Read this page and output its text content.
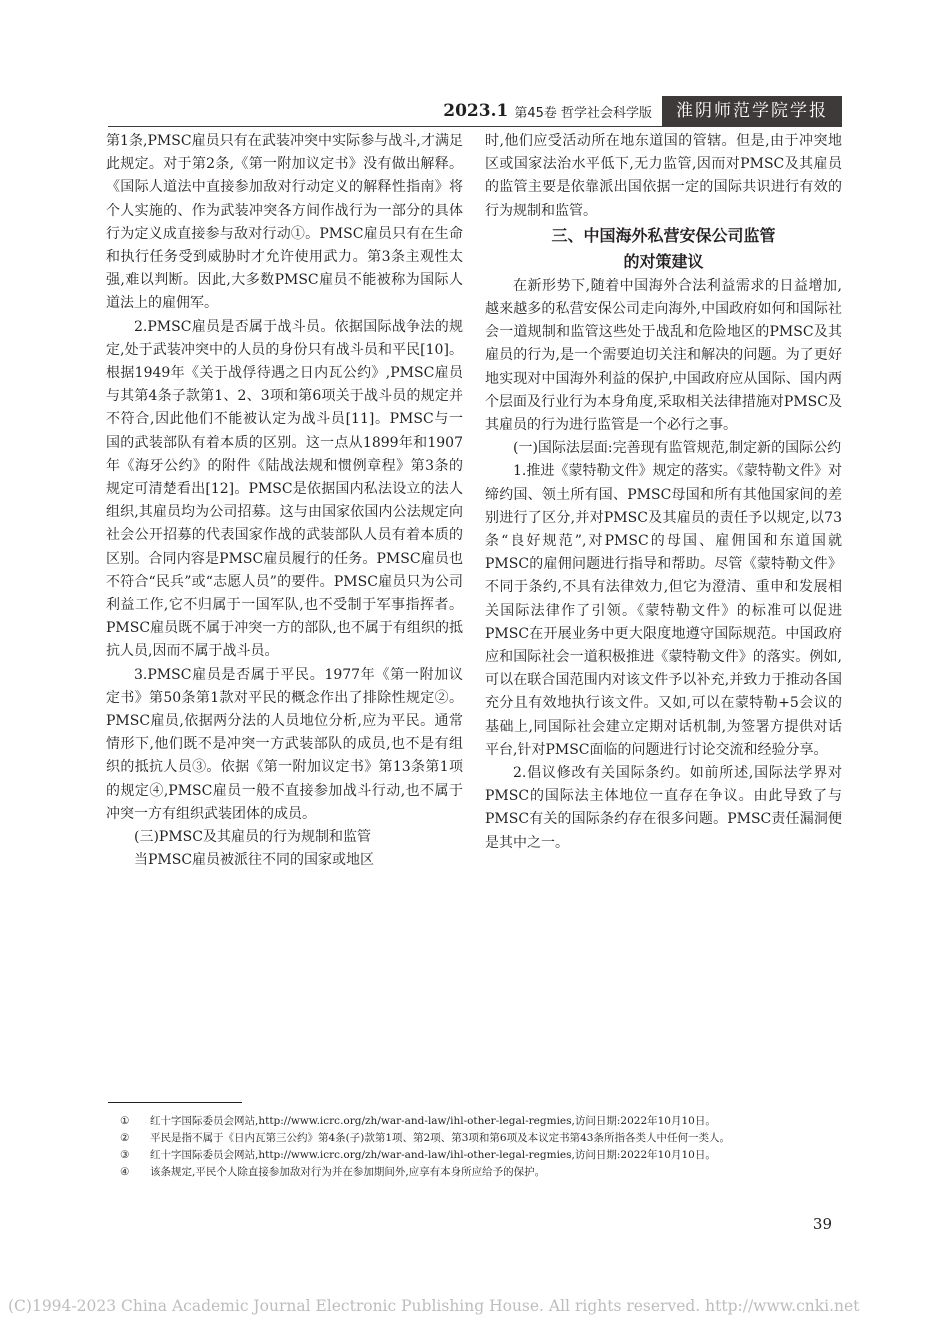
2023.1 第45卷 哲学社会科学版	淮阴师范学院学报

第1条,PMSC雇员只有在武装冲突中实际参与战斗,才满足此规定。对于第2条,《第一附加议定书》没有做出解释。《国际人道法中直接参加敌对行动定义的解释性指南》将个人实施的、作为武装冲突各方间作战行为一部分的具体行为定义成直接参与敌对行动①。PMSC雇员只有在生命和执行任务受到威胁时才允许使用武力。第3条主观性太强,难以判断。因此,大多数PMSC雇员不能被称为国际人道法上的雇佣军。

2.PMSC雇员是否属于战斗员。依据国际战争法的规定,处于武装冲突中的人员的身份只有战斗员和平民[10]。根据1949年《关于战俘待遇之日内瓦公约》,PMSC雇员与其第4条子款第1、2、3项和第6项关于战斗员的规定并不符合,因此他们不能被认定为战斗员[11]。PMSC与一国的武装部队有着本质的区别。这一点从1899年和1907年《海牙公约》的附件《陆战法规和惯例章程》第3条的规定可清楚看出[12]。PMSC是依据国内私法设立的法人组织,其雇员均为公司招募。这与由国家依国内公法规定向社会公开招募的代表国家作战的武装部队人员有着本质的区别。合同内容是PMSC雇员履行的任务。PMSC雇员也不符合“民兵”或“志愿人员”的要件。PMSC雇员只为公司利益工作,它不归属于一国军队,也不受制于军事指挥者。PMSC雇员既不属于冲突一方的部队,也不属于有组织的抵抗人员,因而不属于战斗员。

3.PMSC雇员是否属于平民。1977年《第一附加议定书》第50条第1款对平民的概念作出了排除性规定②。PMSC雇员,依据两分法的人员地位分析,应为平民。通常情形下,他们既不是冲突一方武装部队的成员,也不是有组织的抵抗人员③。依据《第一附加议定书》第13条第1项的规定④,PMSC雇员一般不直接参加战斗行动,也不属于冲突一方有组织武装团体的成员。

(三)PMSC及其雇员的行为规制和监管

当PMSC雇员被派往不同的国家或地区

时,他们应受活动所在地东道国的管辖。但是,由于冲突地区或国家法治水平低下,无力监管,因而对PMSC及其雇员的监管主要是依靠派出国依据一定的国际共识进行有效的行为规制和监管。

三、中国海外私营安保公司监管
的对策建议

在新形势下,随着中国海外合法利益需求的日益增加,越来越多的私营安保公司走向海外,中国政府如何和国际社会一道规制和监管这些处于战乱和危险地区的PMSC及其雇员的行为,是一个需要迫切关注和解决的问题。为了更好地实现对中国海外利益的保护,中国政府应从国际、国内两个层面及行业行为本身角度,采取相关法律措施对PMSC及其雇员的行为进行监管是一个必行之事。

(一)国际法层面:完善现有监管规范,制定新的国际公约

1.推进《蒙特勒文件》规定的落实。《蒙特勒文件》对缔约国、领土所有国、PMSC母国和所有其他国家间的差别进行了区分,并对PMSC及其雇员的责任予以规定,以73条“良好规范”,对PMSC的母国、雇佣国和东道国就PMSC的雇佣问题进行指导和帮助。尽管《蒙特勒文件》不同于条约,不具有法律效力,但它为澄清、重申和发展相关国际法律作了引领。《蒙特勒文件》的标准可以促进PMSC在开展业务中更大限度地遵守国际规范。中国政府应和国际社会一道积极推进《蒙特勒文件》的落实。例如,可以在联合国范围内对该文件予以补充,并致力于推动各国充分且有效地执行该文件。又如,可以在蒙特勒+5会议的基础上,同国际社会建立定期对话机制,为签署方提供对话平台,针对PMSC面临的问题进行讨论交流和经验分享。

2.倡议修改有关国际条约。如前所述,国际法学界对PMSC的国际法主体地位一直存在争议。由此导致了与PMSC有关的国际条约存在很多问题。PMSC责任漏洞便是其中之一。

①	红十字国际委员会网站,http://www.icrc.org/zh/war-and-law/ihl-other-legal-regmies,访问日期:2022年10月10日。
②	平民是指不属于《日内瓦第三公约》第4条(子)款第1项、第2项、第3项和第6项及本议定书第43条所指各类人中任何一类人。
③	红十字国际委员会网站,http://www.icrc.org/zh/war-and-law/ihl-other-legal-regmies,访问日期:2022年10月10日。
④	该条规定,平民个人除直接参加敌对行为并在参加期间外,应享有本身所应给予的保护。
39
(C)1994-2023 China Academic Journal Electronic Publishing House. All rights reserved. http://www.cnki.net
